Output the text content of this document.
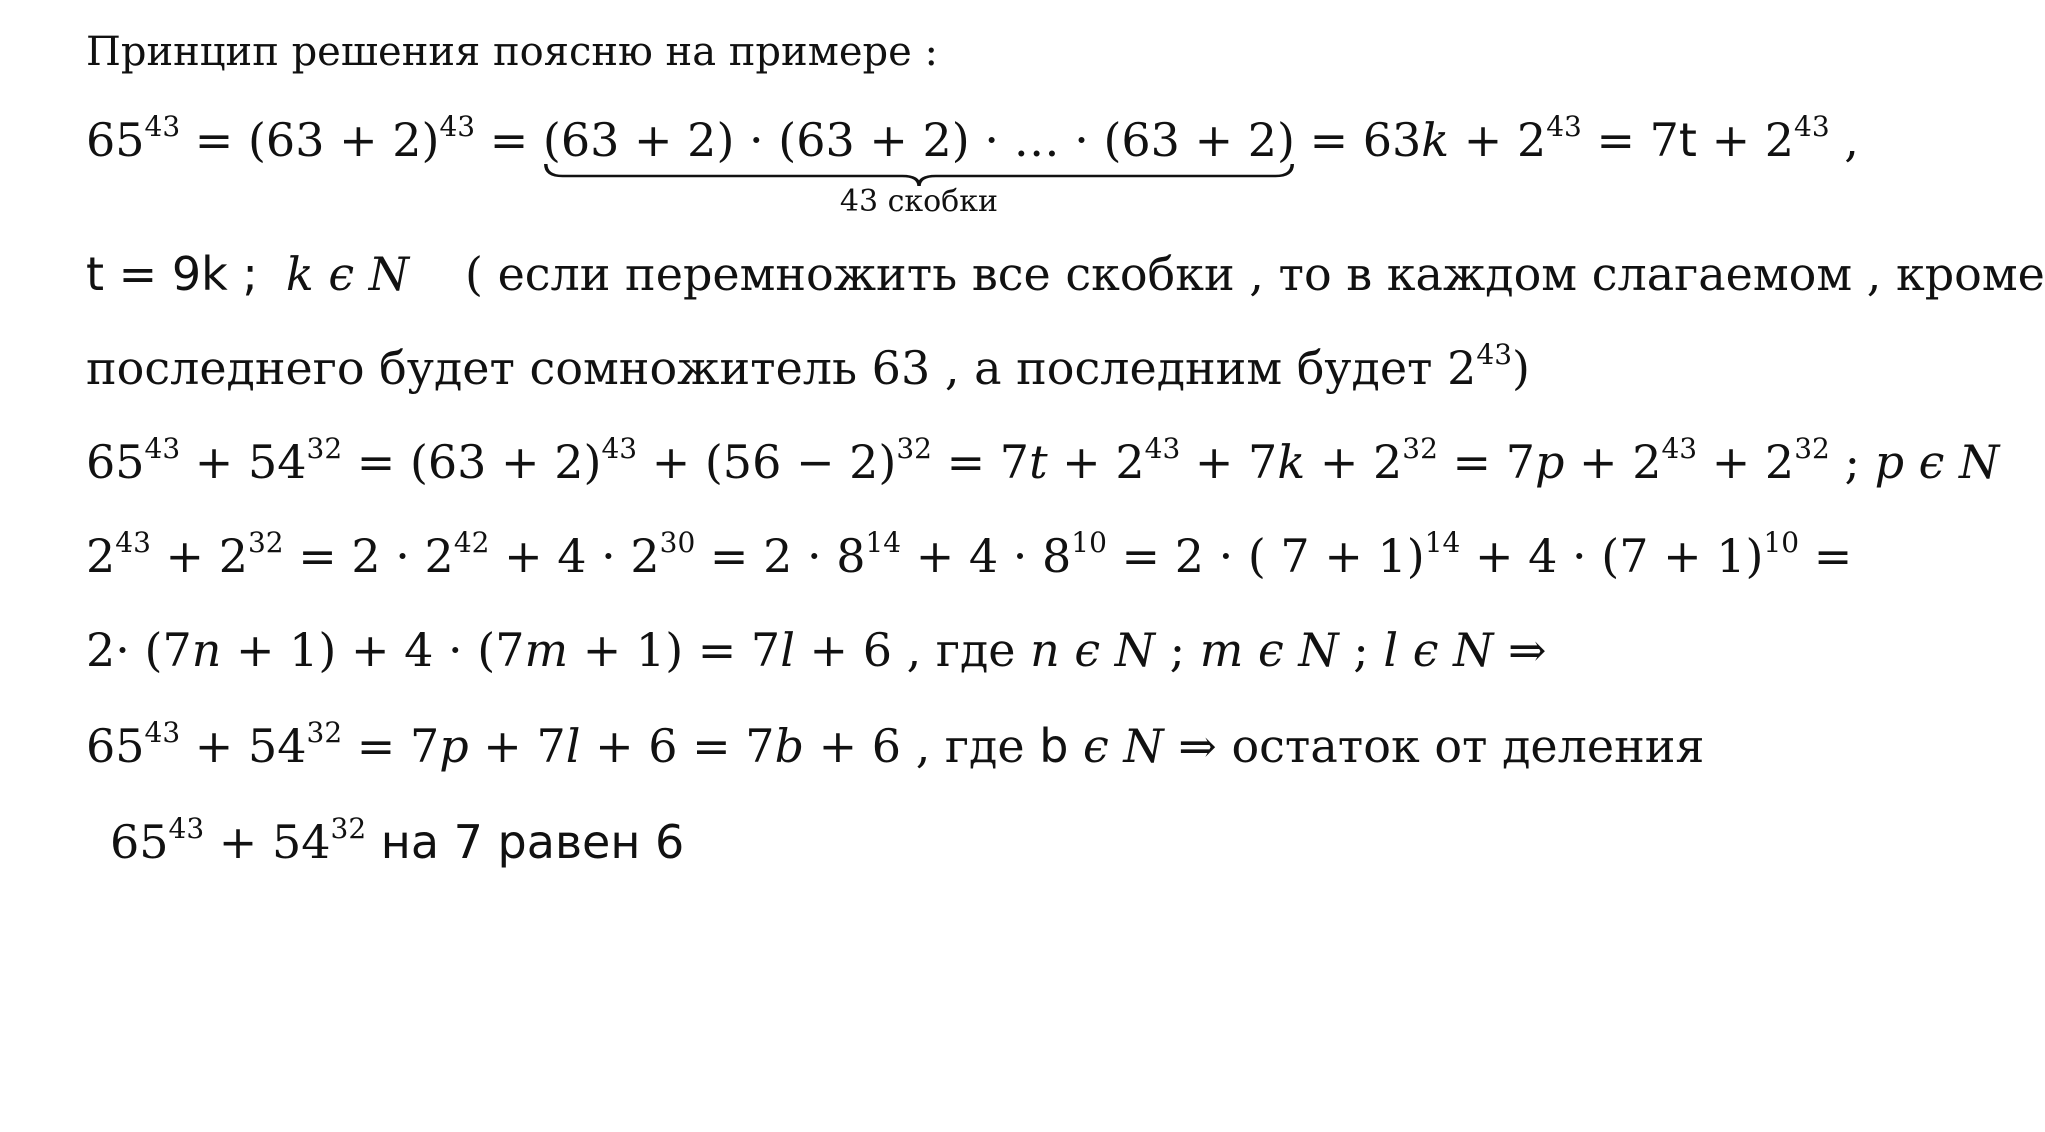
Принцип решения поясню на примере :
$65^{43} = (63 + 2)^{43} = (63 + 2) \cdot (63 + 2)$ · … · (63 + 2)
43 скобки
= $63k + 2^{43} = 7t + 2^{43}$ ,
t = 9k ; k ϵ N ( если перемножить все скобки , то в каждом слагаемом , кроме
последнего будет сомножитель 63 , а последним будет $2^{43}$)
$65^{43} + 54^{32} = (63 + 2)^{43} + (56 - 2)^{32} = 7t + 2^{43} + 7k + 2^{32} = 7p + 2^{43} + 2^{32}$ ; p ϵ N
$2^{43} + 2^{32} = 2 \cdot 2^{42} + 4 \cdot 2^{30} = 2 \cdot 8^{14} + 4 \cdot 8^{10} = 2$ · ( $7 + 1)^{14} + 4 \cdot (7 + 1)^{10}$ =
2· (7n + 1) + 4 · (7m + 1) = 7l + 6 , где n ϵ N ; m ϵ N ; l ϵ N ⇒
$65^{43} + 54^{32} = 7p + 7l + 6 = 7b + 6$ , где b ϵ N ⇒ остаток от деления
$65^{43} + 54^{32}$ на 7 равен 6
